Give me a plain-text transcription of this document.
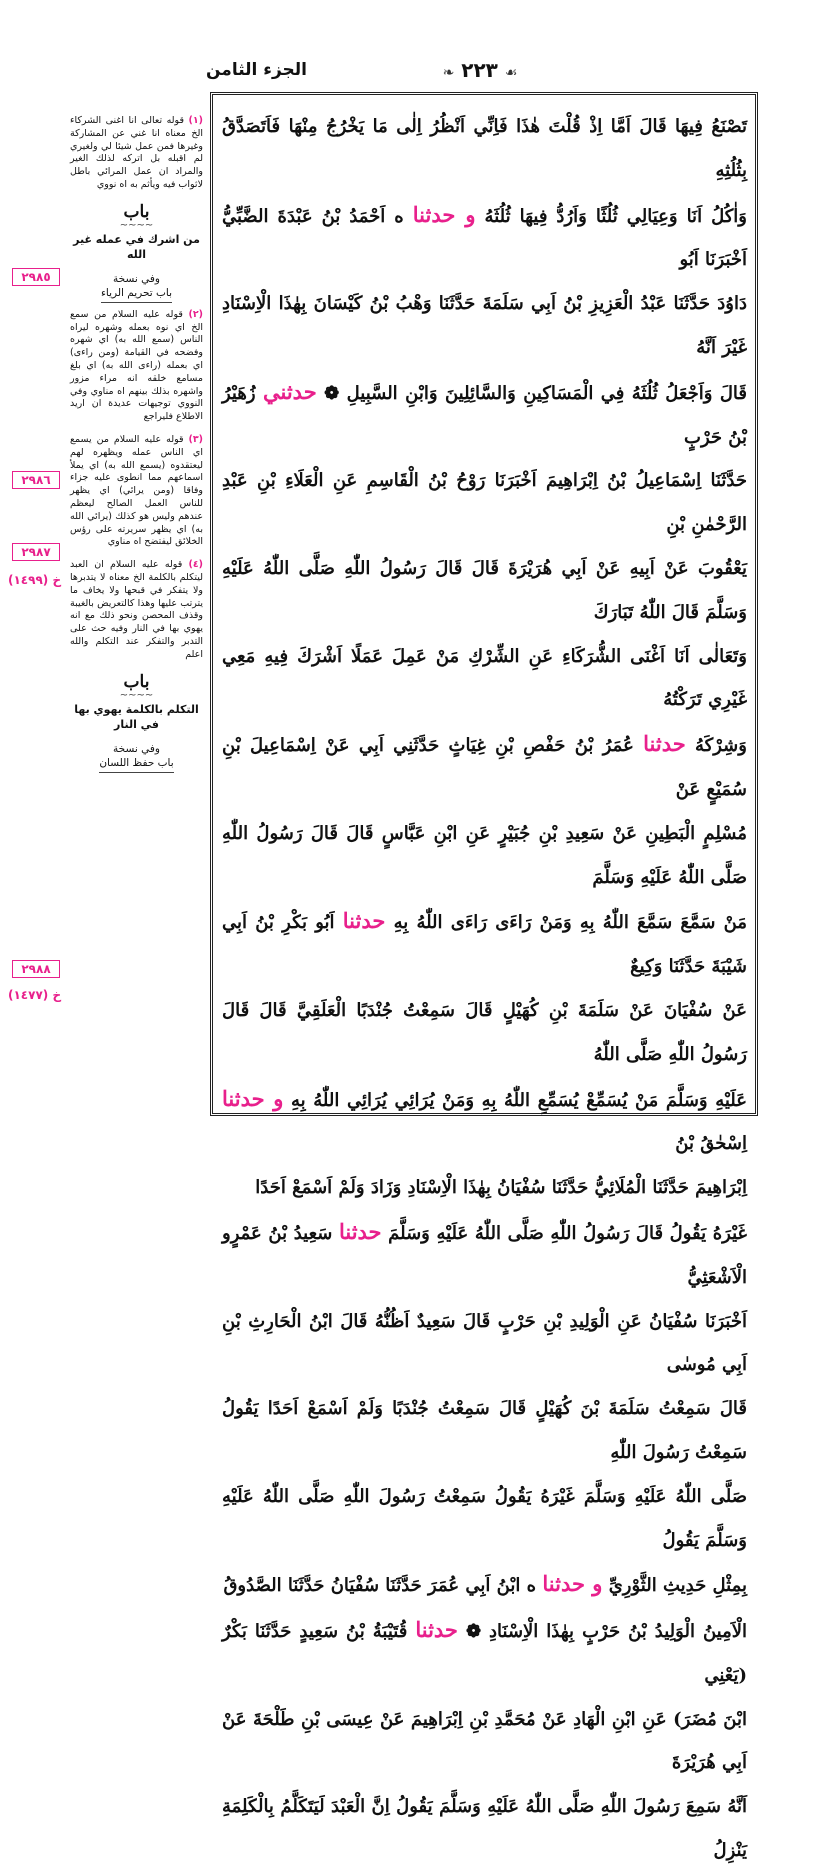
الجزء الثامن	❧ ٢٢٣ ☙
تَصْنَعُ فِيهَا قَالَ اَمَّا اِذْ قُلْتَ هٰذَا فَاِنِّي اَنْظُرُ اِلٰى مَا يَخْرُجُ مِنْهَا فَاَتَصَدَّقُ بِثُلُثِهِ
وَاٰكُلُ اَنَا وَعِيَالِي ثُلُثًا وَاَرُدُّ فِيهَا ثُلُثَهُ و حدثنا ه اَحْمَدُ بْنُ عَبْدَةَ الضَّبِّيُّ اَخْبَرَنَا اَبُو
دَاوُدَ حَدَّثَنَا عَبْدُ الْعَزِيزِ بْنُ اَبِي سَلَمَةَ حَدَّثَنَا وَهْبُ بْنُ كَيْسَانَ بِهٰذَا الْاِسْنَادِ غَيْرَ اَنَّهُ
قَالَ وَاَجْعَلُ ثُلُثَهُ فِي الْمَسَاكِينِ وَالسَّائِلِينَ وَابْنِ السَّبِيلِ ❁ حدثني زُهَيْرُ بْنُ حَرْبٍ
حَدَّثَنَا اِسْمَاعِيلُ بْنُ اِبْرَاهِيمَ اَخْبَرَنَا رَوْحُ بْنُ الْقَاسِمِ عَنِ الْعَلَاءِ بْنِ عَبْدِ الرَّحْمٰنِ بْنِ
يَعْقُوبَ عَنْ اَبِيهِ عَنْ اَبِي هُرَيْرَةَ قَالَ قَالَ رَسُولُ اللّٰهِ صَلَّى اللّٰهُ عَلَيْهِ وَسَلَّمَ قَالَ اللّٰهُ تَبَارَكَ
وَتَعَالٰى اَنَا اَغْنَى الشُّرَكَاءِ عَنِ الشِّرْكِ مَنْ عَمِلَ عَمَلًا اَشْرَكَ فِيهِ مَعِي غَيْرِي تَرَكْتُهُ
وَشِرْكَهُ حدثنا عُمَرُ بْنُ حَفْصِ بْنِ غِيَاثٍ حَدَّثَنِي اَبِي عَنْ اِسْمَاعِيلَ بْنِ سُمَيْعٍ عَنْ
مُسْلِمٍ الْبَطِينِ عَنْ سَعِيدِ بْنِ جُبَيْرٍ عَنِ ابْنِ عَبَّاسٍ قَالَ قَالَ رَسُولُ اللّٰهِ صَلَّى اللّٰهُ عَلَيْهِ وَسَلَّمَ
مَنْ سَمَّعَ سَمَّعَ اللّٰهُ بِهِ وَمَنْ رَاءَى رَاءَى اللّٰهُ بِهِ حدثنا اَبُو بَكْرِ بْنُ اَبِي شَيْبَةَ حَدَّثَنَا وَكِيعٌ
عَنْ سُفْيَانَ عَنْ سَلَمَةَ بْنِ كُهَيْلٍ قَالَ سَمِعْتُ جُنْدَبًا الْعَلَقِيَّ قَالَ قَالَ رَسُولُ اللّٰهِ صَلَّى اللّٰهُ
عَلَيْهِ وَسَلَّمَ مَنْ يُسَمِّعْ يُسَمِّعِ اللّٰهُ بِهِ وَمَنْ يُرَائِي يُرَائِي اللّٰهُ بِهِ و حدثنا اِسْحٰقُ بْنُ
اِبْرَاهِيمَ حَدَّثَنَا الْمُلَائِيُّ حَدَّثَنَا سُفْيَانُ بِهٰذَا الْاِسْنَادِ وَزَادَ وَلَمْ اَسْمَعْ اَحَدًا
غَيْرَهُ يَقُولُ قَالَ رَسُولُ اللّٰهِ صَلَّى اللّٰهُ عَلَيْهِ وَسَلَّمَ حدثنا سَعِيدُ بْنُ عَمْرٍو الْاَشْعَثِيُّ
اَخْبَرَنَا سُفْيَانُ عَنِ الْوَلِيدِ بْنِ حَرْبٍ قَالَ سَعِيدٌ اَظُنُّهُ قَالَ ابْنُ الْحَارِثِ بْنِ اَبِي مُوسٰى
قَالَ سَمِعْتُ سَلَمَةَ بْنَ كُهَيْلٍ قَالَ سَمِعْتُ جُنْدَبًا وَلَمْ اَسْمَعْ اَحَدًا يَقُولُ سَمِعْتُ رَسُولَ اللّٰهِ
صَلَّى اللّٰهُ عَلَيْهِ وَسَلَّمَ غَيْرَهُ يَقُولُ سَمِعْتُ رَسُولَ اللّٰهِ صَلَّى اللّٰهُ عَلَيْهِ وَسَلَّمَ يَقُولُ
بِمِثْلِ حَدِيثِ الثَّوْرِيِّ و حدثنا ه ابْنُ اَبِي عُمَرَ حَدَّثَنَا سُفْيَانُ حَدَّثَنَا الصَّدُوقُ
الْاَمِينُ الْوَلِيدُ بْنُ حَرْبٍ بِهٰذَا الْاِسْنَادِ ❁ حدثنا قُتَيْبَةُ بْنُ سَعِيدٍ حَدَّثَنَا بَكْرٌ (يَعْنِي
ابْنَ مُضَرَ) عَنِ ابْنِ الْهَادِ عَنْ مُحَمَّدِ بْنِ اِبْرَاهِيمَ عَنْ عِيسَى بْنِ طَلْحَةَ عَنْ اَبِي هُرَيْرَةَ
اَنَّهُ سَمِعَ رَسُولَ اللّٰهِ صَلَّى اللّٰهُ عَلَيْهِ وَسَلَّمَ يَقُولُ اِنَّ الْعَبْدَ لَيَتَكَلَّمُ بِالْكَلِمَةِ يَنْزِلُ
(١) قوله تعالى انا اغنى الشركاء الخ معناه انا غني عن المشاركة وغيرها فمن عمل شيئا لي ولغيري لم اقبله بل اتركه لذلك الغير والمراد ان عمل المرائي باطل لاثواب فيه ويأثم به اه نووي
باب
~~~~
من اشرك في عمله غير الله
وفي نسخة
باب تحريم الرياء
(٢) قوله عليه السلام من سمع الخ اي نوه بعمله وشهره ليراه الناس (سمع الله به) اي شهره وفضحه في القيامة (ومن راءى) اي بعمله (راءى الله به) اي بلغ مسامع خلقه انه مراء مزور واشهره بذلك بينهم اه مناوي وفي النووي توجيهات عديدة ان اريد الاطلاع فليراجع
(٣) قوله عليه السلام من يسمع اي الناس عمله ويظهره لهم ليعتقدوه (يسمع الله به) اي يملأ اسماعهم مما انطوى عليه جزاء وفاقا (ومن يرائي) اي يظهر للناس العمل الصالح ليعظم عندهم وليس هو كذلك (يرائي الله به) اي يظهر سريرته على رؤس الخلائق ليفتضح اه مناوي
(٤) قوله عليه السلام ان العبد ليتكلم بالكلمة الخ معناه لا يتدبرها ولا يتفكر في قبحها ولا يخاف ما يترتب عليها وهذا كالتعريض بالغيبة وقذف المحصن ونحو ذلك مع انه يهوي بها في النار وفيه حث على التدبر والتفكر عند التكلم والله اعلم
باب
~~~~
التكلم بالكلمة يهوي بها في النار
وفي نسخة
باب حفظ اللسان
٢٩٨٥
٢٩٨٦
٢٩٨٧
خ (١٤٩٩)
٢٩٨٨
خ (١٤٧٧)
